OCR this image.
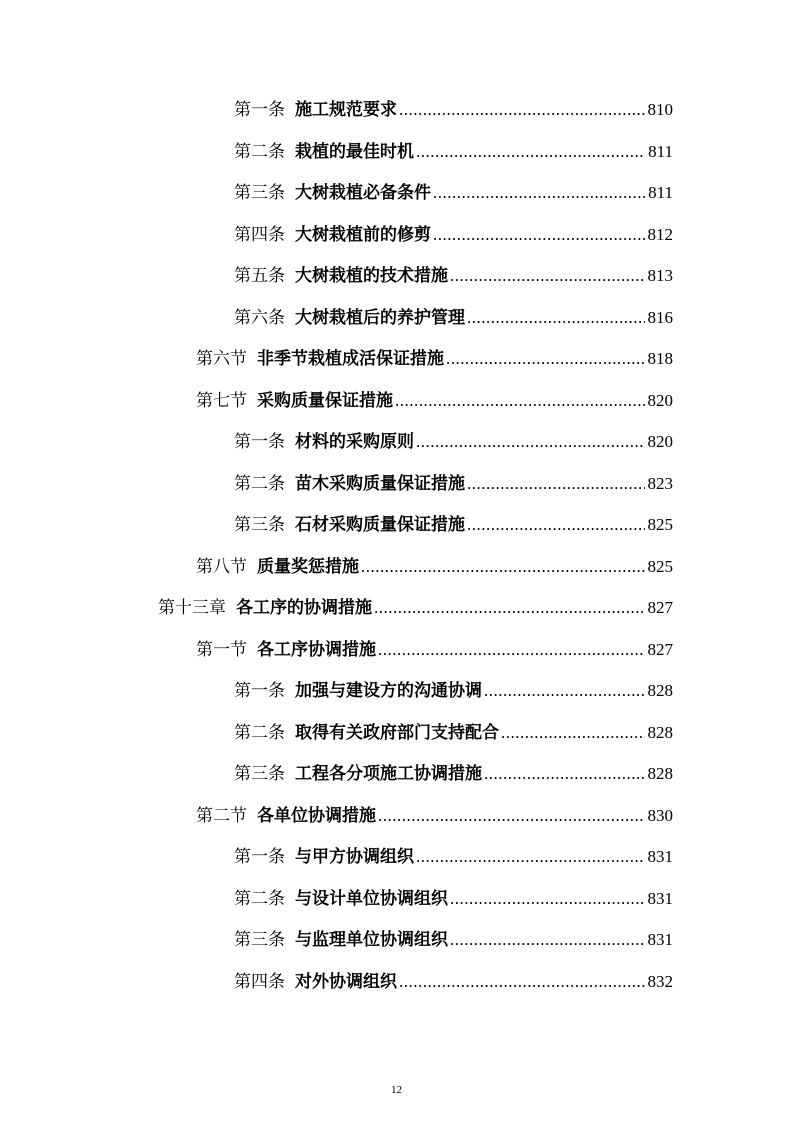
第一条 施工规范要求 .....	810
第二条 栽植的最佳时机 .....	811
第三条 大树栽植必备条件 .....	811
第四条 大树栽植前的修剪 .....	812
第五条 大树栽植的技术措施 .....	813
第六条 大树栽植后的养护管理 .....	816
第六节 非季节栽植成活保证措施 .....	818
第七节 采购质量保证措施 .....	820
第一条 材料的采购原则 .....	820
第二条 苗木采购质量保证措施 .....	823
第三条 石材采购质量保证措施 .....	825
第八节 质量奖惩措施 .....	825
第十三章 各工序的协调措施 .....	827
第一节 各工序协调措施 .....	827
第一条 加强与建设方的沟通协调 .....	828
第二条 取得有关政府部门支持配合 .....	828
第三条 工程各分项施工协调措施 .....	828
第二节 各单位协调措施 .....	830
第一条 与甲方协调组织 .....	831
第二条 与设计单位协调组织 .....	831
第三条 与监理单位协调组织 .....	831
第四条 对外协调组织 .....	832
12
